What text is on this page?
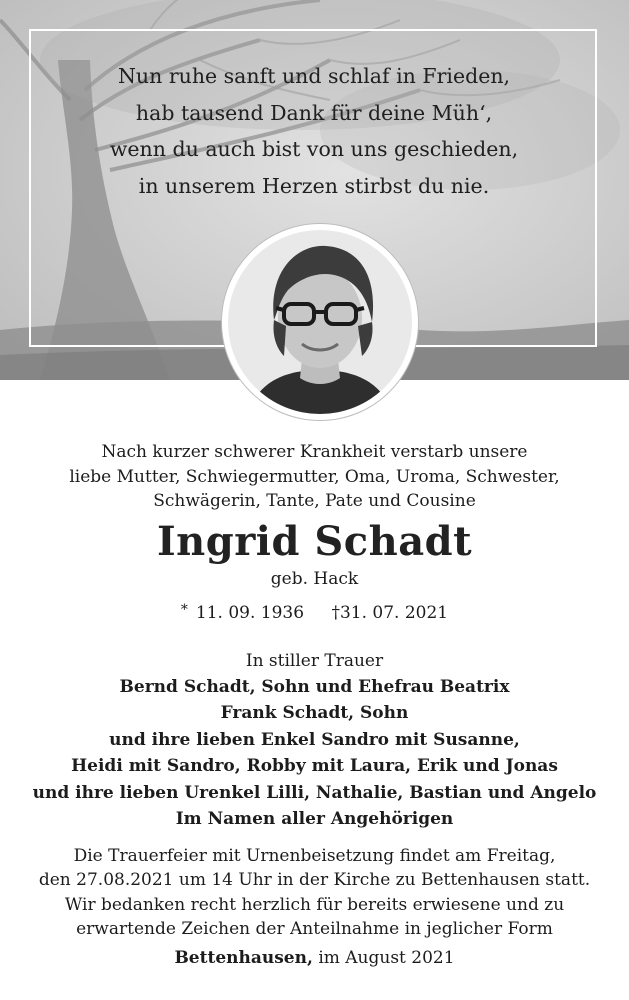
Nun ruhe sanft und schlaf in Frieden,
hab tausend Dank für deine Müh‘,
wenn du auch bist von uns geschieden,
in unserem Herzen stirbst du nie.
Nach kurzer schwerer Krankheit verstarb unsere
liebe Mutter, Schwiegermutter, Oma, Uroma, Schwester,
Schwägerin, Tante, Pate und Cousine
Ingrid Schadt
geb. Hack
* 11. 09. 1936 †31. 07. 2021
In stiller Trauer
Bernd Schadt, Sohn und Ehefrau Beatrix
Frank Schadt, Sohn
und ihre lieben Enkel Sandro mit Susanne,
Heidi mit Sandro, Robby mit Laura, Erik und Jonas
und ihre lieben Urenkel Lilli, Nathalie, Bastian und Angelo
Im Namen aller Angehörigen
Die Trauerfeier mit Urnenbeisetzung findet am Freitag,
den 27.08.2021 um 14 Uhr in der Kirche zu Bettenhausen statt.
Wir bedanken recht herzlich für bereits erwiesene und zu
erwartende Zeichen der Anteilnahme in jeglicher Form
Bettenhausen, im August 2021
